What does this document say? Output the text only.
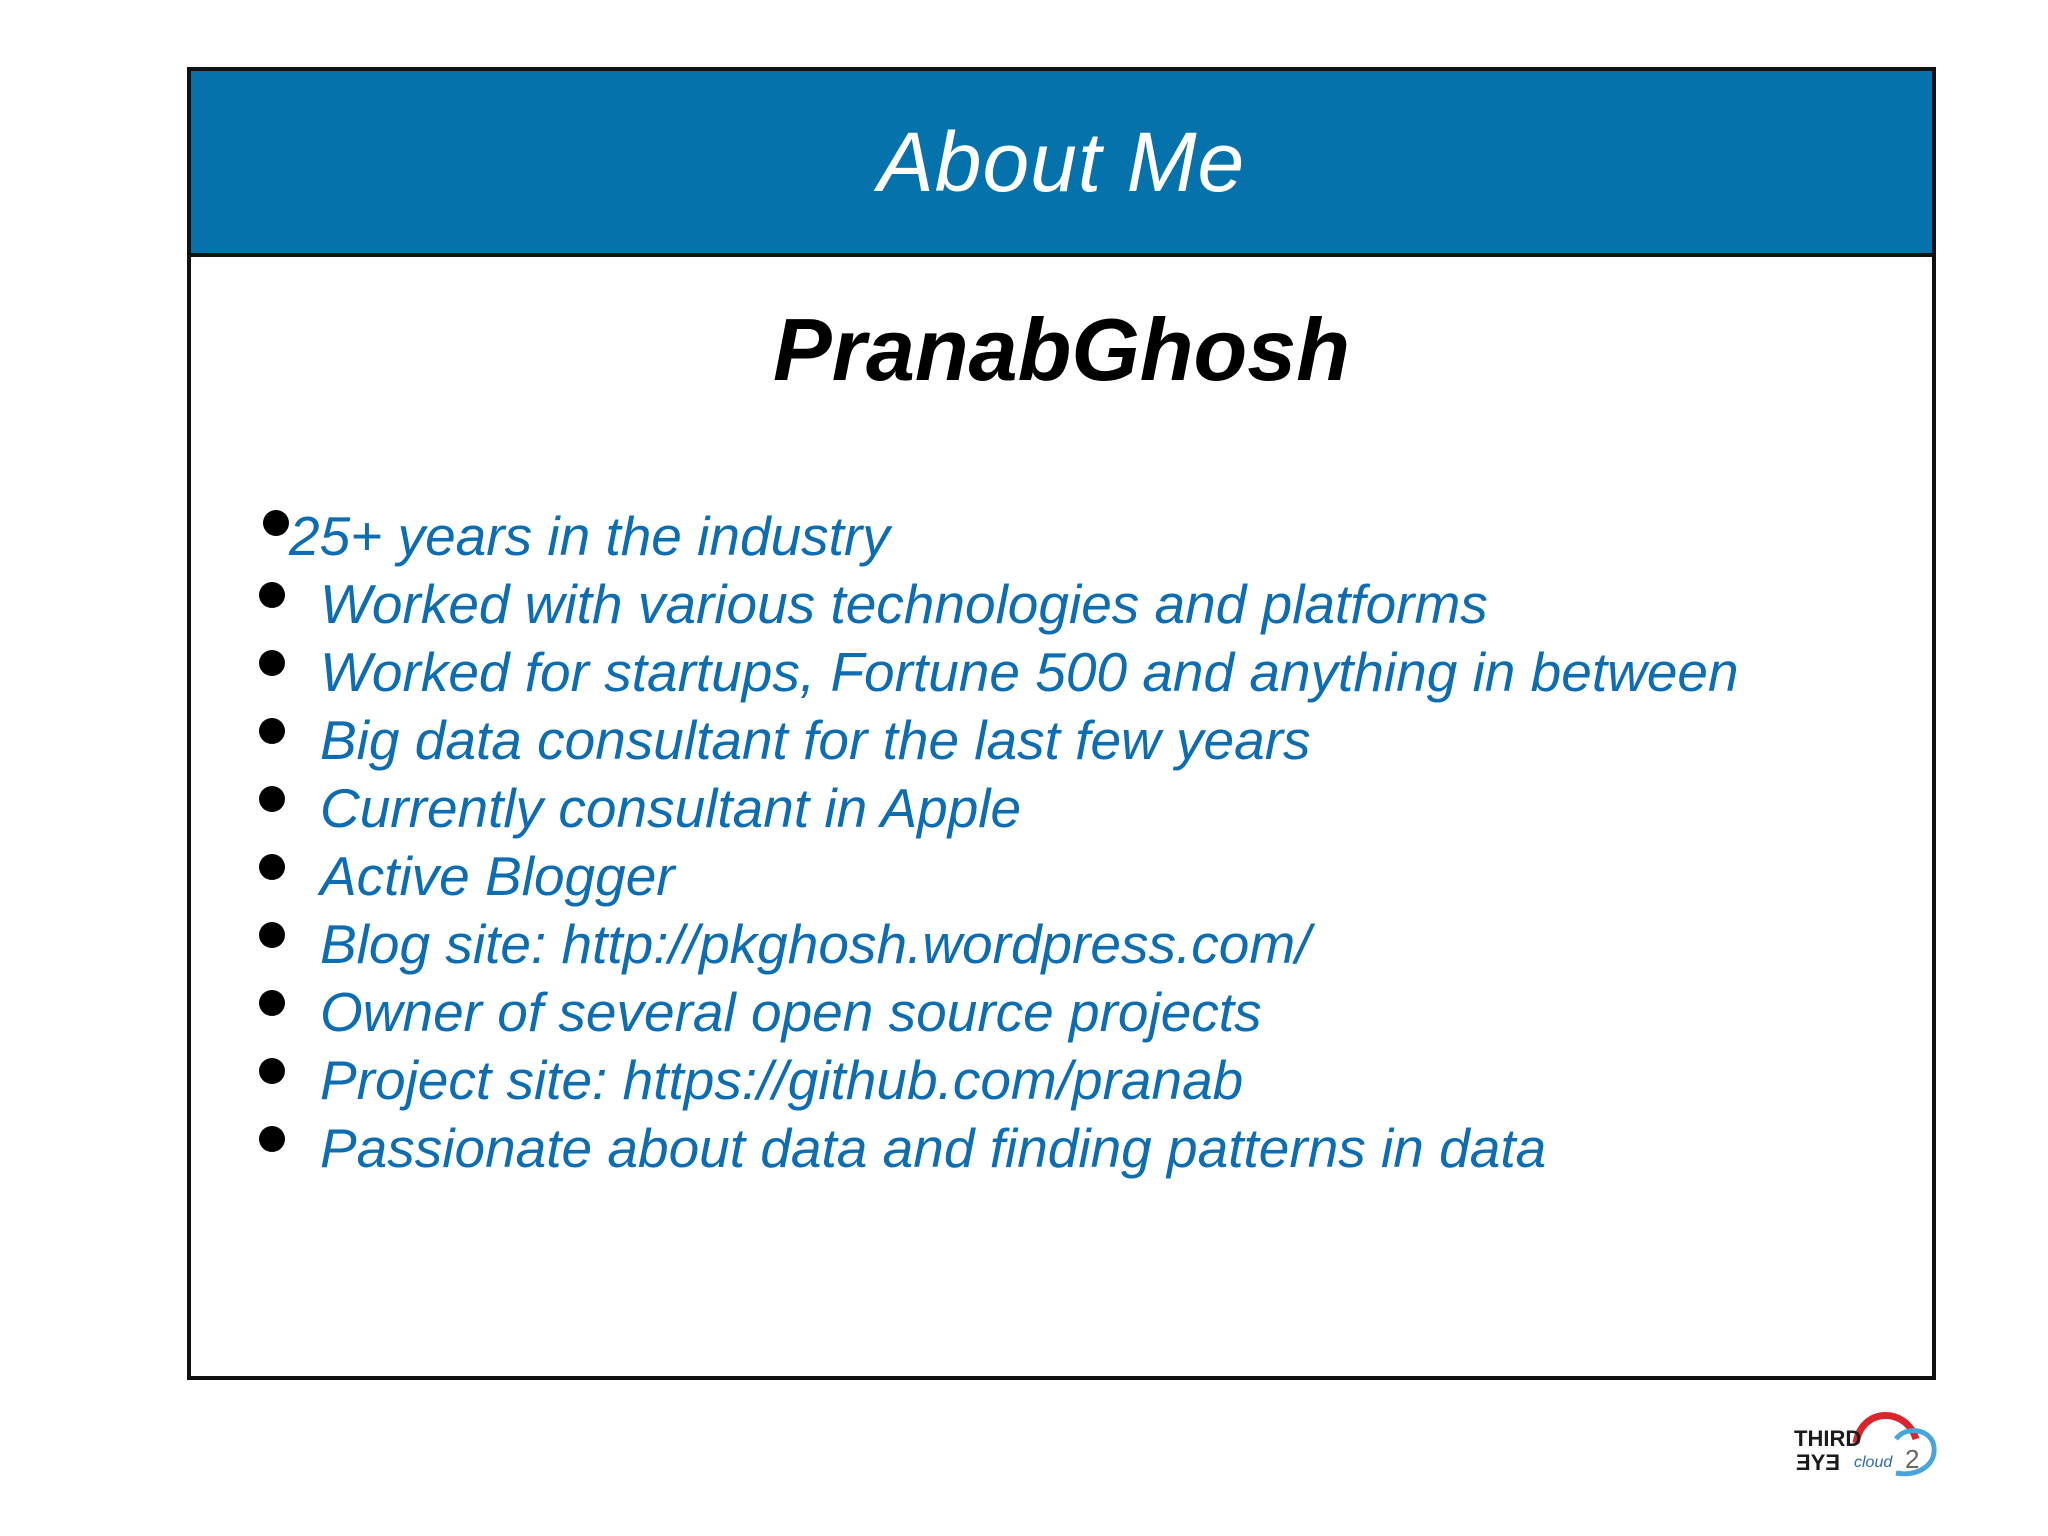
About Me
PranabGhosh
25+ years in the industry
Worked with various technologies and platforms
Worked for startups, Fortune 500 and anything in between
Big data consultant for the last few years
Currently consultant in Apple
Active Blogger
Blog site: http://pkghosh.wordpress.com/
Owner of several open source projects
Project site: https://github.com/pranab
Passionate about data and finding patterns in data
THIRD
EYE cloud 2
